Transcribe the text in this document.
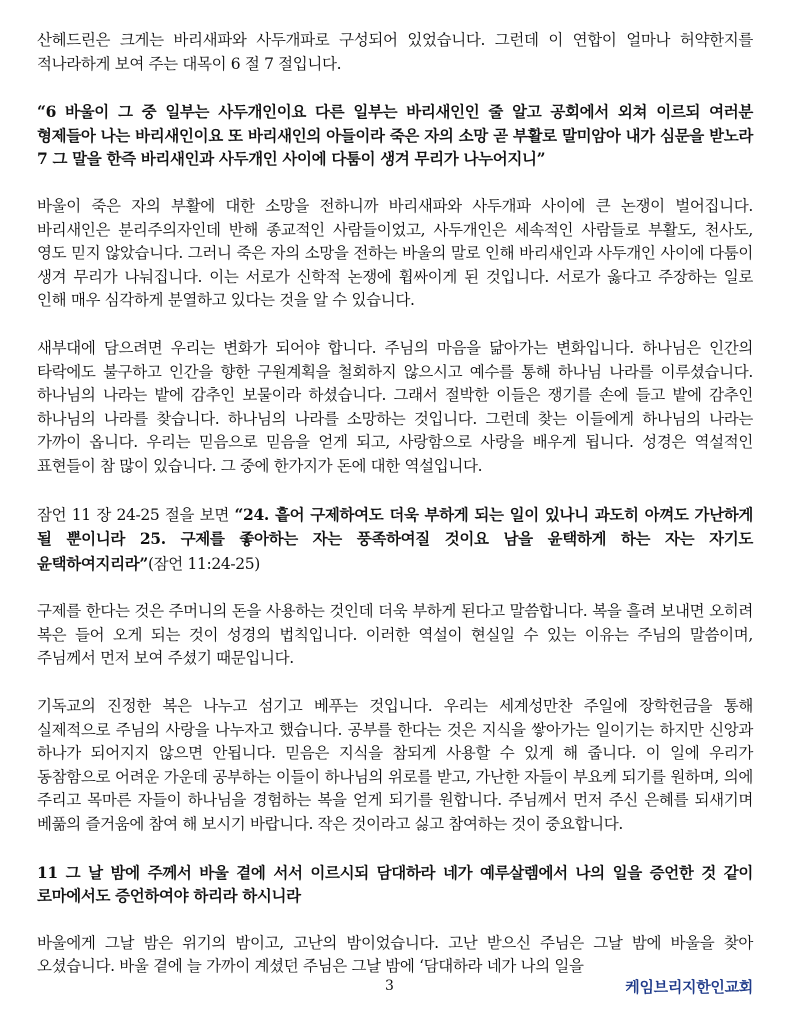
산헤드린은 크게는 바리새파와 사두개파로 구성되어 있었습니다. 그런데 이 연합이 얼마나 허약한지를 적나라하게 보여 주는 대목이 6 절 7 절입니다.

“6 바울이 그 중 일부는 사두개인이요 다른 일부는 바리새인인 줄 알고 공회에서 외쳐 이르되 여러분 형제들아 나는 바리새인이요 또 바리새인의 아들이라 죽은 자의 소망 곧 부활로 말미암아 내가 심문을 받노라 7 그 말을 한즉 바리새인과 사두개인 사이에 다툼이 생겨 무리가 나누어지니”

바울이 죽은 자의 부활에 대한 소망을 전하니까 바리새파와 사두개파 사이에 큰 논쟁이 벌어집니다. 바리새인은 분리주의자인데 반해 종교적인 사람들이었고, 사두개인은 세속적인 사람들로 부활도, 천사도, 영도 믿지 않았습니다. 그러니 죽은 자의 소망을 전하는 바울의 말로 인해 바리새인과 사두개인 사이에 다툼이 생겨 무리가 나눠집니다. 이는 서로가 신학적 논쟁에 휩싸이게 된 것입니다. 서로가 옳다고 주장하는 일로 인해 매우 심각하게 분열하고 있다는 것을 알 수 있습니다.

새부대에 담으려면 우리는 변화가 되어야 합니다. 주님의 마음을 닮아가는 변화입니다. 하나님은 인간의 타락에도 불구하고 인간을 향한 구원계획을 철회하지 않으시고 예수를 통해 하나님 나라를 이루셨습니다. 하나님의 나라는 밭에 감추인 보물이라 하셨습니다. 그래서 절박한 이들은 쟁기를 손에 들고 밭에 감추인 하나님의 나라를 찾습니다. 하나님의 나라를 소망하는 것입니다. 그런데 찾는 이들에게 하나님의 나라는 가까이 옵니다. 우리는 믿음으로 믿음을 얻게 되고, 사랑함으로 사랑을 배우게 됩니다. 성경은 역설적인 표현들이 참 많이 있습니다. 그 중에 한가지가 돈에 대한 역설입니다.

잠언 11 장 24-25 절을 보면 “24. 흩어 구제하여도 더욱 부하게 되는 일이 있나니 과도히 아껴도 가난하게 될 뿐이니라 25. 구제를 좋아하는 자는 풍족하여질 것이요 남을 윤택하게 하는 자는 자기도 윤택하여지리라”(잠언 11:24-25)

구제를 한다는 것은 주머니의 돈을 사용하는 것인데 더욱 부하게 된다고 말씀합니다. 복을 흘려 보내면 오히려 복은 들어 오게 되는 것이 성경의 법칙입니다. 이러한 역설이 현실일 수 있는 이유는 주님의 말씀이며, 주님께서 먼저 보여 주셨기 때문입니다.

기독교의 진정한 복은 나누고 섬기고 베푸는 것입니다. 우리는 세계성만찬 주일에 장학헌금을 통해 실제적으로 주님의 사랑을 나누자고 했습니다. 공부를 한다는 것은 지식을 쌓아가는 일이기는 하지만 신앙과 하나가 되어지지 않으면 안됩니다. 믿음은 지식을 참되게 사용할 수 있게 해 줍니다. 이 일에 우리가 동참함으로 어려운 가운데 공부하는 이들이 하나님의 위로를 받고, 가난한 자들이 부요케 되기를 원하며, 의에 주리고 목마른 자들이 하나님을 경험하는 복을 얻게 되기를 원합니다. 주님께서 먼저 주신 은혜를 되새기며 베풂의 즐거움에 참여 해 보시기 바랍니다. 작은 것이라고 싫고 참여하는 것이 중요합니다.

11 그 날 밤에 주께서 바울 곁에 서서 이르시되 담대하라 네가 예루살렘에서 나의 일을 증언한 것 같이 로마에서도 증언하여야 하리라 하시니라

바울에게 그날 밤은 위기의 밤이고, 고난의 밤이었습니다. 고난 받으신 주님은 그날 밤에 바울을 찾아 오셨습니다. 바울 곁에 늘 가까이 계셨던 주님은 그날 밤에 ‘담대하라 네가 나의 일을

3	케임브리지한인교회
